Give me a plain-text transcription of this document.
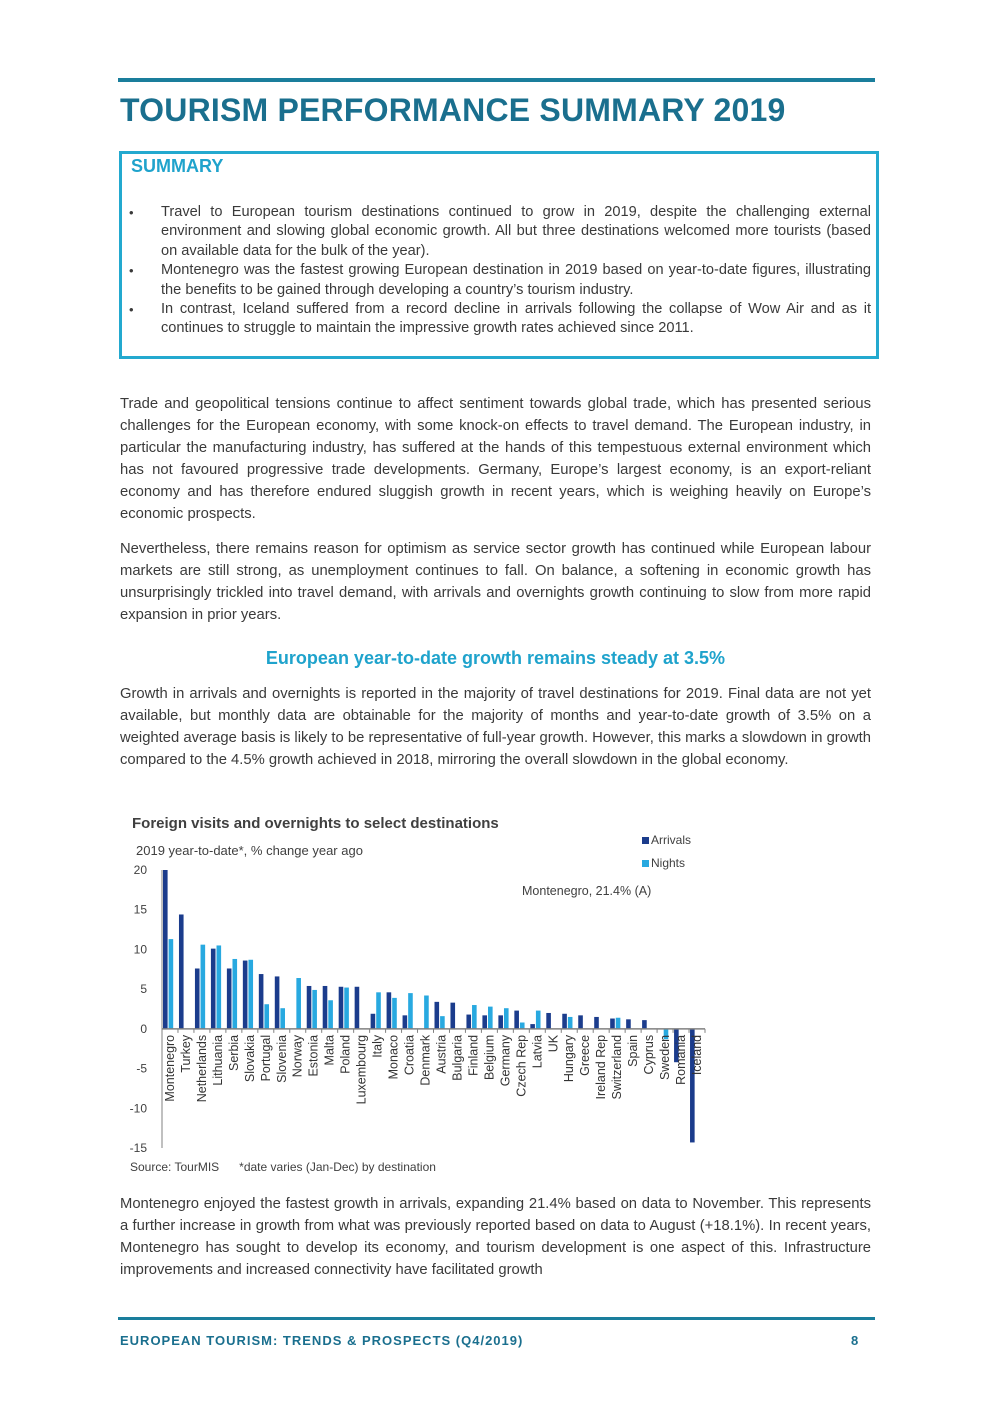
TOURISM PERFORMANCE SUMMARY 2019
SUMMARY
• Travel to European tourism destinations continued to grow in 2019, despite the challenging external environment and slowing global economic growth. All but three destinations welcomed more tourists (based on available data for the bulk of the year).
• Montenegro was the fastest growing European destination in 2019 based on year-to-date figures, illustrating the benefits to be gained through developing a country’s tourism industry.
• In contrast, Iceland suffered from a record decline in arrivals following the collapse of Wow Air and as it continues to struggle to maintain the impressive growth rates achieved since 2011.

Trade and geopolitical tensions continue to affect sentiment towards global trade, which has presented serious challenges for the European economy, with some knock-on effects to travel demand. The European industry, in particular the manufacturing industry, has suffered at the hands of this tempestuous external environment which has not favoured progressive trade developments. Germany, Europe’s largest economy, is an export-reliant economy and has therefore endured sluggish growth in recent years, which is weighing heavily on Europe’s economic prospects.

Nevertheless, there remains reason for optimism as service sector growth has continued while European labour markets are still strong, as unemployment continues to fall. On balance, a softening in economic growth has unsurprisingly trickled into travel demand, with arrivals and overnights growth continuing to slow from more rapid expansion in prior years.

European year-to-date growth remains steady at 3.5%

Growth in arrivals and overnights is reported in the majority of travel destinations for 2019. Final data are not yet available, but monthly data are obtainable for the majority of months and year-to-date growth of 3.5% on a weighted average basis is likely to be representative of full-year growth. However, this marks a slowdown in growth compared to the 4.5% growth achieved in 2018, mirroring the overall slowdown in the global economy.

Foreign visits and overnights to select destinations
2019 year-to-date*, % change year ago
20
15
10
5
0
-5
-10
-15
Montenegro Turkey Netherlands Lithuania Serbia Slovakia Portugal Slovenia Norway Estonia Malta Poland Luxembourg Italy Monaco Croatia Denmark Austria Bulgaria Finland Belgium Germany Czech Rep Latvia UK Hungary Greece Ireland Rep Switzerland Spain Cyprus Sweden Romania Iceland
Arrivals
Nights
Montenegro, 21.4% (A)
Source: TourMIS      *date varies (Jan-Dec) by destination

Montenegro enjoyed the fastest growth in arrivals, expanding 21.4% based on data to November. This represents a further increase in growth from what was previously reported based on data to August (+18.1%). In recent years, Montenegro has sought to develop its economy, and tourism development is one aspect of this. Infrastructure improvements and increased connectivity have facilitated growth

EUROPEAN TOURISM: TRENDS & PROSPECTS (Q4/2019)	8
